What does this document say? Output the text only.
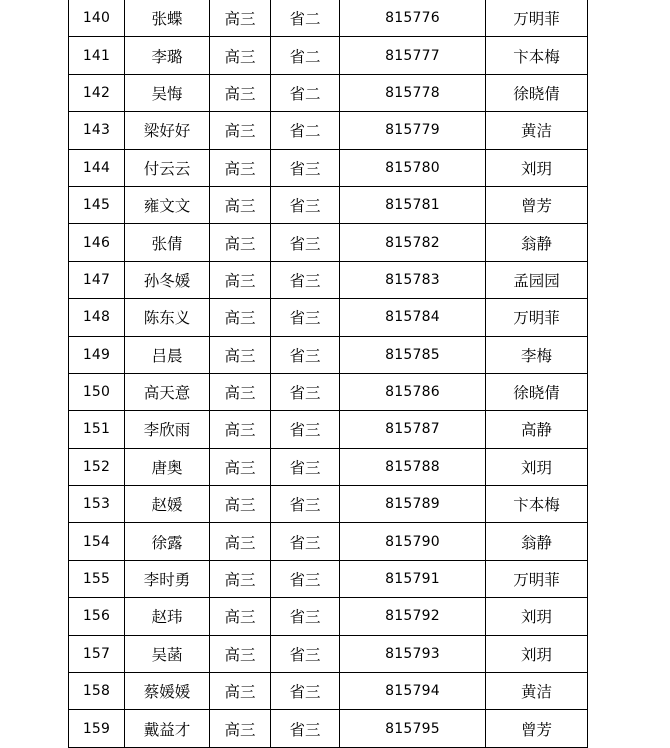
140	张蝶	高三	省二	815776	万明菲
141	李璐	高三	省二	815777	卞本梅
142	吴悔	高三	省二	815778	徐晓倩
143	梁好好	高三	省二	815779	黄洁
144	付云云	高三	省三	815780	刘玥
145	雍文文	高三	省三	815781	曾芳
146	张倩	高三	省三	815782	翁静
147	孙冬媛	高三	省三	815783	孟园园
148	陈东义	高三	省三	815784	万明菲
149	吕晨	高三	省三	815785	李梅
150	高天意	高三	省三	815786	徐晓倩
151	李欣雨	高三	省三	815787	高静
152	唐奥	高三	省三	815788	刘玥
153	赵媛	高三	省三	815789	卞本梅
154	徐露	高三	省三	815790	翁静
155	李时勇	高三	省三	815791	万明菲
156	赵玮	高三	省三	815792	刘玥
157	吴菡	高三	省三	815793	刘玥
158	蔡媛媛	高三	省三	815794	黄洁
159	戴益才	高三	省三	815795	曾芳
